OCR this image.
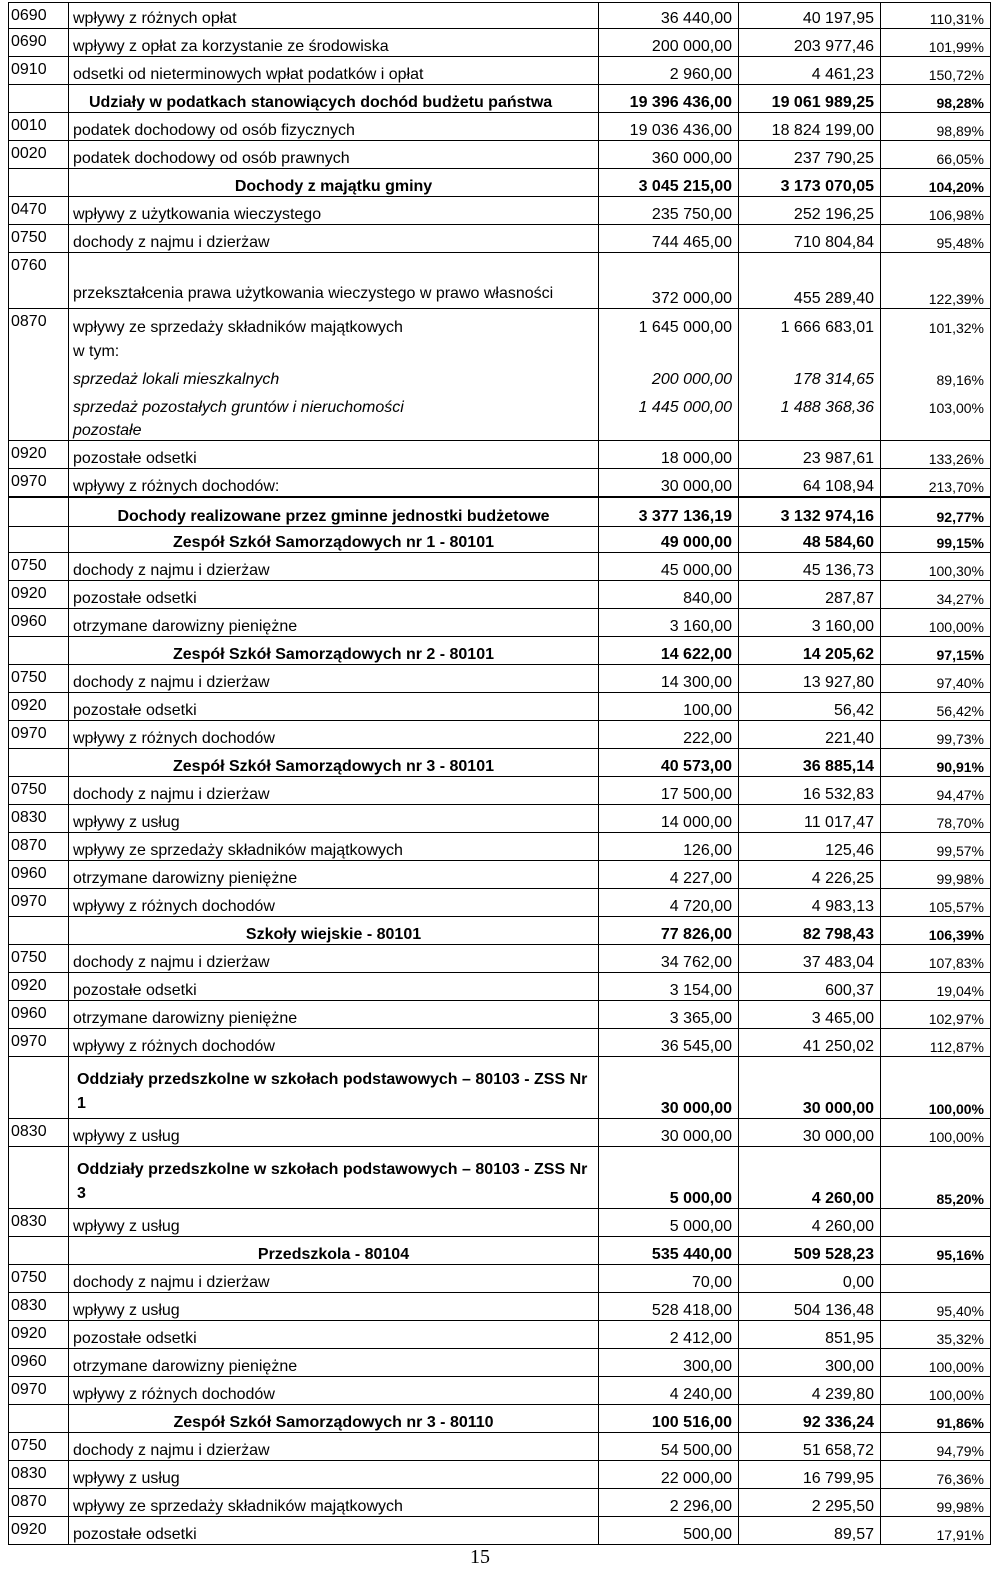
0690	wpływy z różnych opłat	36 440,00	40 197,95	110,31%
0690	wpływy z opłat za korzystanie ze środowiska	200 000,00	203 977,46	101,99%
0910	odsetki od nieterminowych wpłat podatków i opłat	2 960,00	4 461,23	150,72%
	Udziały w podatkach stanowiących dochód budżetu państwa	19 396 436,00	19 061 989,25	98,28%
0010	podatek dochodowy od osób fizycznych	19 036 436,00	18 824 199,00	98,89%
0020	podatek dochodowy od osób prawnych	360 000,00	237 790,25	66,05%
	Dochody z majątku gminy	3 045 215,00	3 173 070,05	104,20%
0470	wpływy z użytkowania wieczystego	235 750,00	252 196,25	106,98%
0750	dochody z najmu i dzierżaw	744 465,00	710 804,84	95,48%
0760	przekształcenia prawa użytkowania wieczystego w prawo własności	372 000,00	455 289,40	122,39%
0870	wpływy ze sprzedaży składników majątkowych	1 645 000,00	1 666 683,01	101,32%
	w tym:			
	sprzedaż lokali mieszkalnych	200 000,00	178 314,65	89,16%
	sprzedaż pozostałych gruntów i nieruchomości	1 445 000,00	1 488 368,36	103,00%
	pozostałe			
0920	pozostałe odsetki	18 000,00	23 987,61	133,26%
0970	wpływy z różnych dochodów:	30 000,00	64 108,94	213,70%
	Dochody realizowane przez gminne jednostki budżetowe	3 377 136,19	3 132 974,16	92,77%
	Zespół Szkół Samorządowych nr 1 - 80101	49 000,00	48 584,60	99,15%
0750	dochody z najmu i dzierżaw	45 000,00	45 136,73	100,30%
0920	pozostałe odsetki	840,00	287,87	34,27%
0960	otrzymane darowizny pieniężne	3 160,00	3 160,00	100,00%
	Zespół Szkół Samorządowych nr 2 - 80101	14 622,00	14 205,62	97,15%
0750	dochody z najmu i dzierżaw	14 300,00	13 927,80	97,40%
0920	pozostałe odsetki	100,00	56,42	56,42%
0970	wpływy z różnych dochodów	222,00	221,40	99,73%
	Zespół Szkół Samorządowych nr 3 - 80101	40 573,00	36 885,14	90,91%
0750	dochody z najmu i dzierżaw	17 500,00	16 532,83	94,47%
0830	wpływy z usług	14 000,00	11 017,47	78,70%
0870	wpływy ze sprzedaży składników majątkowych	126,00	125,46	99,57%
0960	otrzymane darowizny pieniężne	4 227,00	4 226,25	99,98%
0970	wpływy z różnych dochodów	4 720,00	4 983,13	105,57%
	Szkoły wiejskie - 80101	77 826,00	82 798,43	106,39%
0750	dochody z najmu i dzierżaw	34 762,00	37 483,04	107,83%
0920	pozostałe odsetki	3 154,00	600,37	19,04%
0960	otrzymane darowizny pieniężne	3 365,00	3 465,00	102,97%
0970	wpływy z różnych dochodów	36 545,00	41 250,02	112,87%
	Oddziały przedszkolne w szkołach podstawowych – 80103 - ZSS Nr 1	30 000,00	30 000,00	100,00%
0830	wpływy z usług	30 000,00	30 000,00	100,00%
	Oddziały przedszkolne w szkołach podstawowych – 80103 - ZSS Nr 3	5 000,00	4 260,00	85,20%
0830	wpływy z usług	5 000,00	4 260,00	
	Przedszkola - 80104	535 440,00	509 528,23	95,16%
0750	dochody z najmu i dzierżaw	70,00	0,00	
0830	wpływy z usług	528 418,00	504 136,48	95,40%
0920	pozostałe odsetki	2 412,00	851,95	35,32%
0960	otrzymane darowizny pieniężne	300,00	300,00	100,00%
0970	wpływy z różnych dochodów	4 240,00	4 239,80	100,00%
	Zespół Szkół Samorządowych nr 3 - 80110	100 516,00	92 336,24	91,86%
0750	dochody z najmu i dzierżaw	54 500,00	51 658,72	94,79%
0830	wpływy z usług	22 000,00	16 799,95	76,36%
0870	wpływy ze sprzedaży składników majątkowych	2 296,00	2 295,50	99,98%
0920	pozostałe odsetki	500,00	89,57	17,91%
15
